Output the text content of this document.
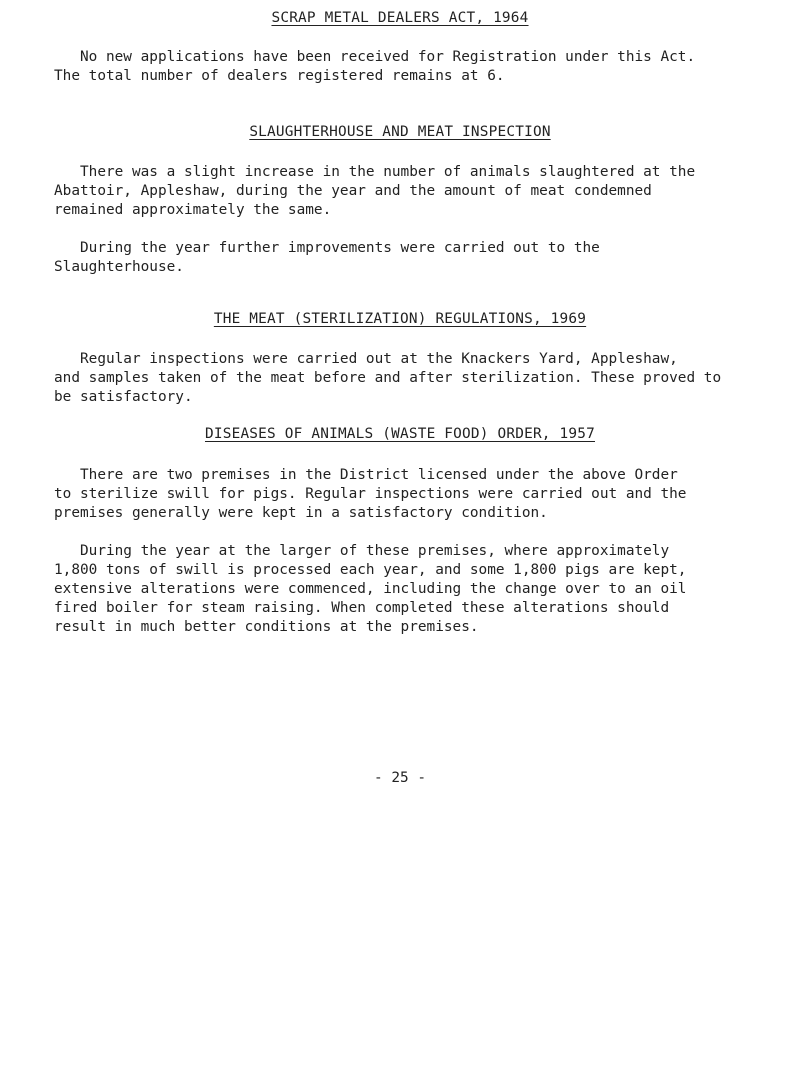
SCRAP METAL DEALERS ACT, 1964
No new applications have been received for Registration under this Act.
The total number of dealers registered remains at 6.
SLAUGHTERHOUSE AND MEAT INSPECTION
There was a slight increase in the number of animals slaughtered at the
Abattoir, Appleshaw, during the year and the amount of meat condemned
remained approximately the same.
During the year further improvements were carried out to the
Slaughterhouse.
THE MEAT (STERILIZATION) REGULATIONS, 1969
Regular inspections were carried out at the Knackers Yard, Appleshaw,
and samples taken of the meat before and after sterilization. These proved to
be satisfactory.
DISEASES OF ANIMALS (WASTE FOOD) ORDER, 1957
There are two premises in the District licensed under the above Order
to sterilize swill for pigs. Regular inspections were carried out and the
premises generally were kept in a satisfactory condition.
During the year at the larger of these premises, where approximately
1,800 tons of swill is processed each year, and some 1,800 pigs are kept,
extensive alterations were commenced, including the change over to an oil
fired boiler for steam raising. When completed these alterations should
result in much better conditions at the premises.
- 25 -
